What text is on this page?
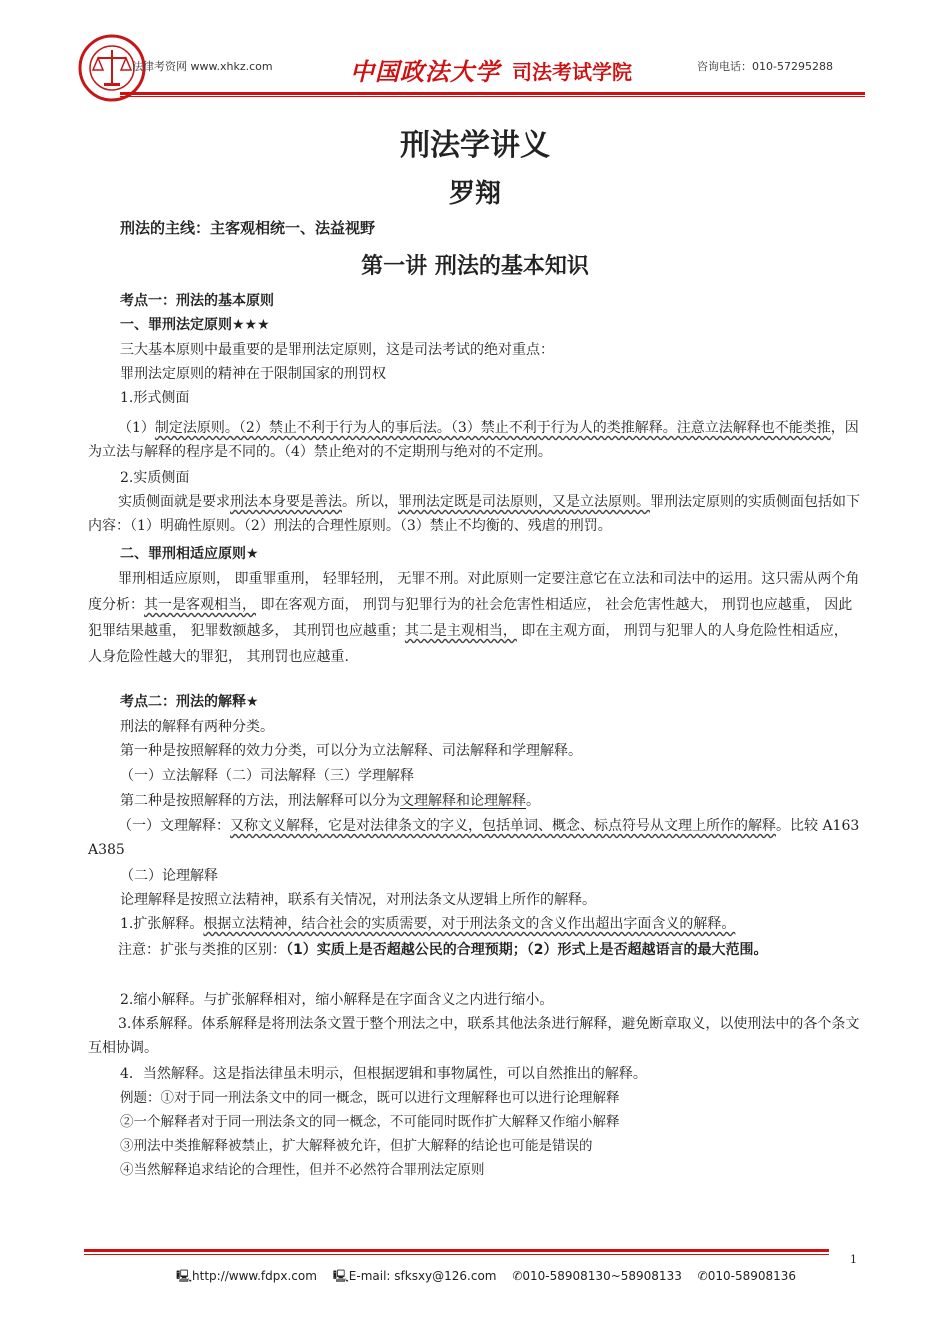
法律考资网 www.xhkz.com	中国政法大学 司法考试学院	咨询电话：010-57295288
刑法学讲义
罗翔
刑法的主线：主客观相统一、法益视野
第一讲 刑法的基本知识
考点一：刑法的基本原则
一、罪刑法定原则★★★
三大基本原则中最重要的是罪刑法定原则，这是司法考试的绝对重点：
罪刑法定原则的精神在于限制国家的刑罚权
1.形式侧面
（1）制定法原则。（2）禁止不利于行为人的事后法。（3）禁止不利于行为人的类推解释。注意立法解释也不能类推，因为立法与解释的程序是不同的。（4）禁止绝对的不定期刑与绝对的不定刑。
2.实质侧面
实质侧面就是要求刑法本身要是善法。所以，罪刑法定既是司法原则，又是立法原则。罪刑法定原则的实质侧面包括如下内容：（1）明确性原则。（2）刑法的合理性原则。（3）禁止不均衡的、残虐的刑罚。
二、罪刑相适应原则★
罪刑相适应原则， 即重罪重刑， 轻罪轻刑， 无罪不刑。对此原则一定要注意它在立法和司法中的运用。这只需从两个角度分析：其一是客观相当， 即在客观方面， 刑罚与犯罪行为的社会危害性相适应， 社会危害性越大， 刑罚也应越重， 因此犯罪结果越重， 犯罪数额越多， 其刑罚也应越重；其二是主观相当， 即在主观方面， 刑罚与犯罪人的人身危险性相适应， 人身危险性越大的罪犯， 其刑罚也应越重.
考点二：刑法的解释★
刑法的解释有两种分类。
第一种是按照解释的效力分类，可以分为立法解释、司法解释和学理解释。
（一）立法解释（二）司法解释（三）学理解释
第二种是按照解释的方法，刑法解释可以分为文理解释和论理解释。
（一）文理解释：又称文义解释，它是对法律条文的字义，包括单词、概念、标点符号从文理上所作的解释。比较 A163 A385
（二）论理解释
论理解释是按照立法精神，联系有关情况，对刑法条文从逻辑上所作的解释。
1.扩张解释。根据立法精神，结合社会的实质需要，对于刑法条文的含义作出超出字面含义的解释。
注意：扩张与类推的区别：（1）实质上是否超越公民的合理预期；（2）形式上是否超越语言的最大范围。
2.缩小解释。与扩张解释相对，缩小解释是在字面含义之内进行缩小。
3.体系解释。体系解释是将刑法条文置于整个刑法之中，联系其他法条进行解释，避免断章取义，以使刑法中的各个条文互相协调。
4．当然解释。这是指法律虽未明示，但根据逻辑和事物属性，可以自然推出的解释。
例题：①对于同一刑法条文中的同一概念，既可以进行文理解释也可以进行论理解释
②一个解释者对于同一刑法条文的同一概念，不可能同时既作扩大解释又作缩小解释
③刑法中类推解释被禁止，扩大解释被允许，但扩大解释的结论也可能是错误的
④当然解释追求结论的合理性，但并不必然符合罪刑法定原则
1
🖳http://www.fdpx.com 🖳E-mail: sfksxy@126.com ✆010-58908130~58908133 ✆010-58908136
